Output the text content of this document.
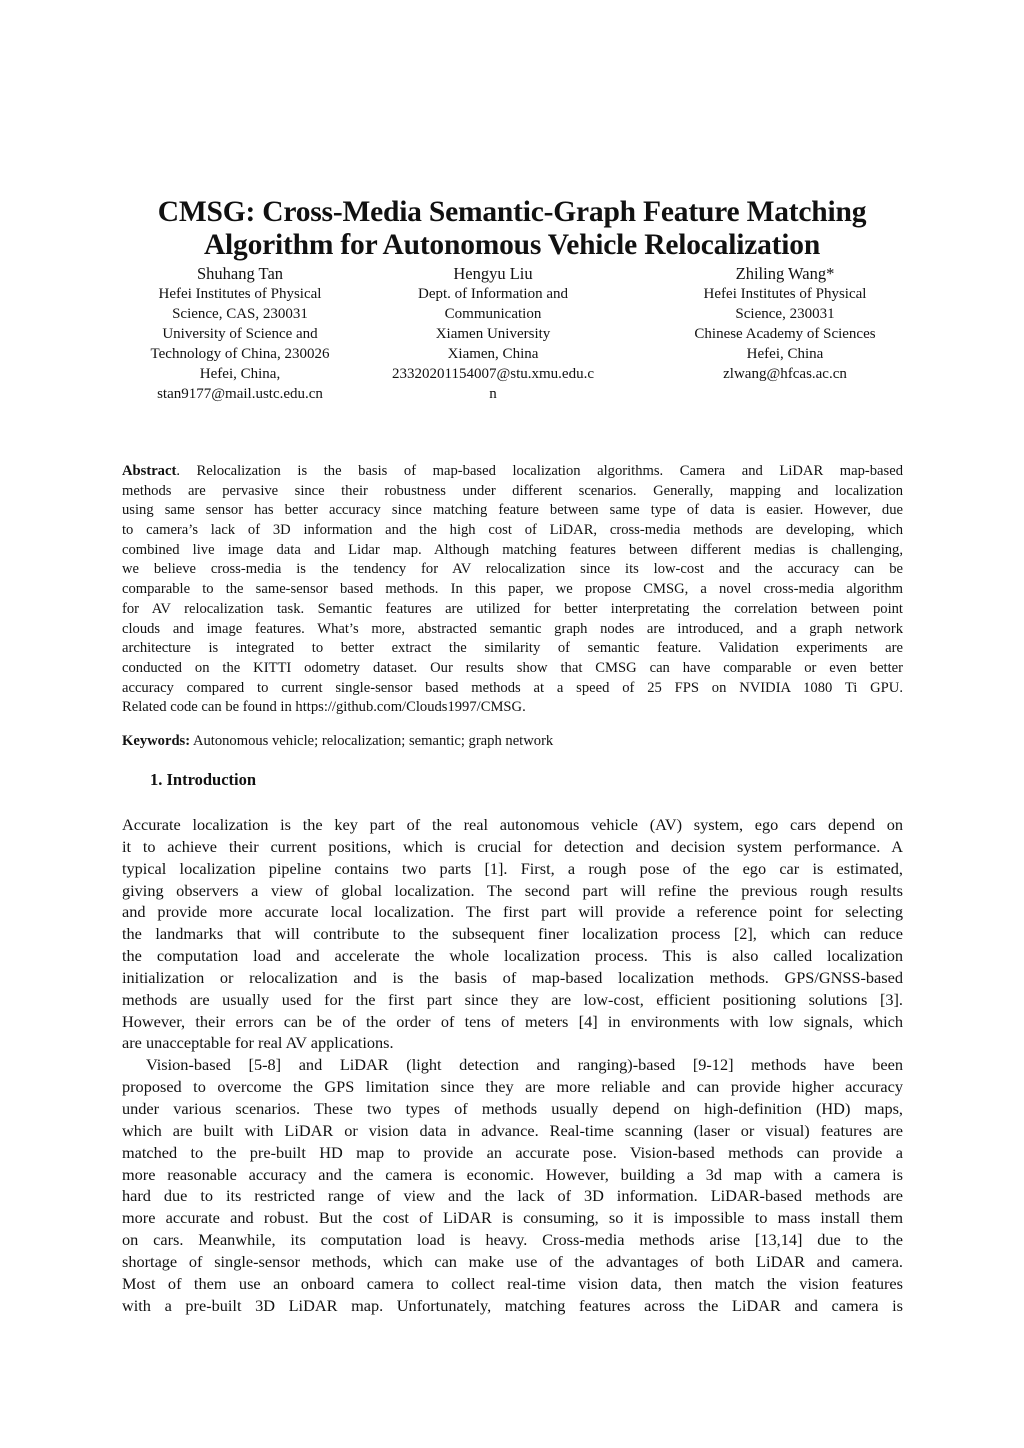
CMSG: Cross-Media Semantic-Graph Feature Matching
Algorithm for Autonomous Vehicle Relocalization
Shuhang Tan
Hefei Institutes of Physical
Science, CAS, 230031
University of Science and
Technology of China, 230026
Hefei, China,
stan9177@mail.ustc.edu.cn
Hengyu Liu
Dept. of Information and
Communication
Xiamen University
Xiamen, China
23320201154007@stu.xmu.edu.c
n
Zhiling Wang*
Hefei Institutes of Physical
Science, 230031
Chinese Academy of Sciences
Hefei, China
zlwang@hfcas.ac.cn
Abstract. Relocalization is the basis of map-based localization algorithms. Camera and LiDAR map-based
methods are pervasive since their robustness under different scenarios. Generally, mapping and localization
using same sensor has better accuracy since matching feature between same type of data is easier. However, due
to camera’s lack of 3D information and the high cost of LiDAR, cross-media methods are developing, which
combined live image data and Lidar map. Although matching features between different medias is challenging,
we believe cross-media is the tendency for AV relocalization since its low-cost and the accuracy can be
comparable to the same-sensor based methods. In this paper, we propose CMSG, a novel cross-media algorithm
for AV relocalization task. Semantic features are utilized for better interpretating the correlation between point
clouds and image features. What’s more, abstracted semantic graph nodes are introduced, and a graph network
architecture is integrated to better extract the similarity of semantic feature. Validation experiments are
conducted on the KITTI odometry dataset. Our results show that CMSG can have comparable or even better
accuracy compared to current single-sensor based methods at a speed of 25 FPS on NVIDIA 1080 Ti GPU.
Related code can be found in https://github.com/Clouds1997/CMSG.
Keywords: Autonomous vehicle; relocalization; semantic; graph network
1. Introduction
Accurate localization is the key part of the real autonomous vehicle (AV) system, ego cars depend on
it to achieve their current positions, which is crucial for detection and decision system performance. A
typical localization pipeline contains two parts [1]. First, a rough pose of the ego car is estimated,
giving observers a view of global localization. The second part will refine the previous rough results
and provide more accurate local localization. The first part will provide a reference point for selecting
the landmarks that will contribute to the subsequent finer localization process [2], which can reduce
the computation load and accelerate the whole localization process. This is also called localization
initialization or relocalization and is the basis of map-based localization methods. GPS/GNSS-based
methods are usually used for the first part since they are low-cost, efficient positioning solutions [3].
However, their errors can be of the order of tens of meters [4] in environments with low signals, which
are unacceptable for real AV applications.
Vision-based [5-8] and LiDAR (light detection and ranging)-based [9-12] methods have been
proposed to overcome the GPS limitation since they are more reliable and can provide higher accuracy
under various scenarios. These two types of methods usually depend on high-definition (HD) maps,
which are built with LiDAR or vision data in advance. Real-time scanning (laser or visual) features are
matched to the pre-built HD map to provide an accurate pose. Vision-based methods can provide a
more reasonable accuracy and the camera is economic. However, building a 3d map with a camera is
hard due to its restricted range of view and the lack of 3D information. LiDAR-based methods are
more accurate and robust. But the cost of LiDAR is consuming, so it is impossible to mass install them
on cars. Meanwhile, its computation load is heavy. Cross-media methods arise [13,14] due to the
shortage of single-sensor methods, which can make use of the advantages of both LiDAR and camera.
Most of them use an onboard camera to collect real-time vision data, then match the vision features
with a pre-built 3D LiDAR map. Unfortunately, matching features across the LiDAR and camera is
